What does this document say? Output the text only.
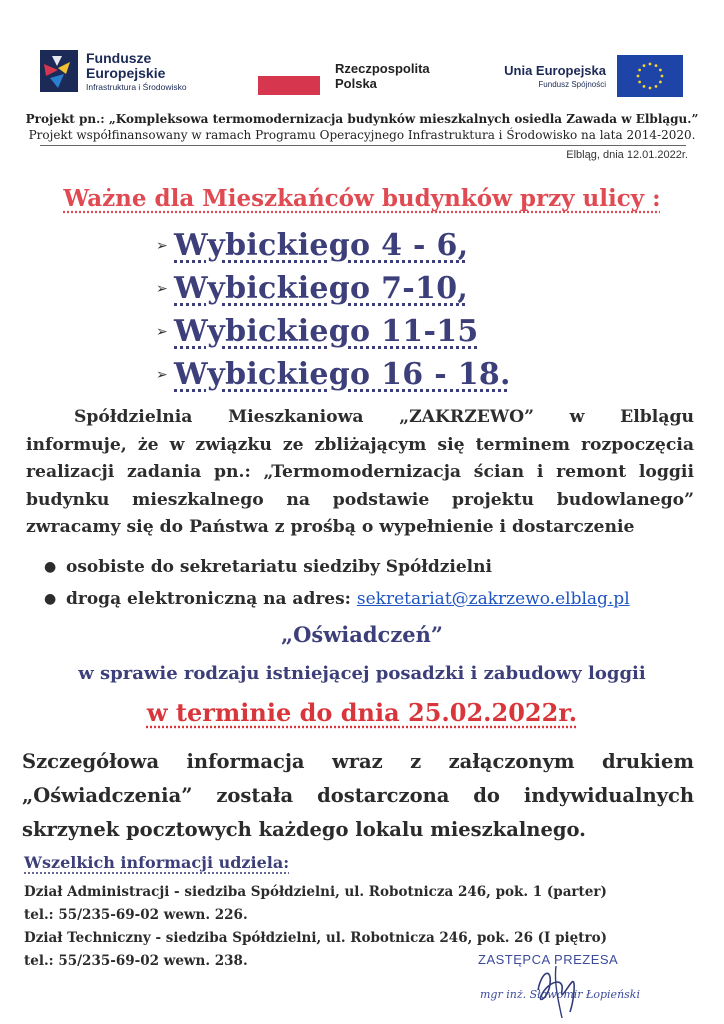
Fundusze
Europejskie
Infrastruktura i Środowisko
Rzeczpospolita
Polska
Unia Europejska
Fundusz Spójności
Projekt pn.: „Kompleksowa termomodernizacja budynków mieszkalnych osiedla Zawada w Elblągu.”
Projekt współfinansowany w ramach Programu Operacyjnego Infrastruktura i Środowisko na lata 2014-2020.
Elbląg, dnia 12.01.2022r.
Ważne dla Mieszkańców budynków przy ulicy :
➢ Wybickiego 4 - 6,
➢ Wybickiego 7-10,
➢ Wybickiego 11-15
➢ Wybickiego 16 - 18.
Spółdzielnia Mieszkaniowa „ZAKRZEWO” w Elblągu
informuje, że w związku ze zbliżającym się terminem rozpoczęcia
realizacji zadania pn.: „Termomodernizacja ścian i remont loggii
budynku mieszkalnego na podstawie projektu budowlanego”
zwracamy się do Państwa z prośbą o wypełnienie i dostarczenie
● osobiste do sekretariatu siedziby Spółdzielni
● drogą elektroniczną na adres:
sekretariat@zakrzewo.elblag.pl
„Oświadczeń”
w sprawie rodzaju istniejącej posadzki i zabudowy loggii
w terminie do dnia 25.02.2022r.
Szczegółowa informacja wraz z załączonym drukiem
„Oświadczenia” została dostarczona do indywidualnych
skrzynek pocztowych każdego lokalu mieszkalnego.
Wszelkich informacji udziela:
Dział Administracji - siedziba Spółdzielni, ul. Robotnicza 246, pok. 1 (parter)
tel.: 55/235-69-02 wewn. 226.
Dział Techniczny - siedziba Spółdzielni, ul. Robotnicza 246, pok. 26 (I piętro)
tel.: 55/235-69-02 wewn. 238.	ZASTĘPCA PREZESA
mgr inż. Sławomir Łopieński
